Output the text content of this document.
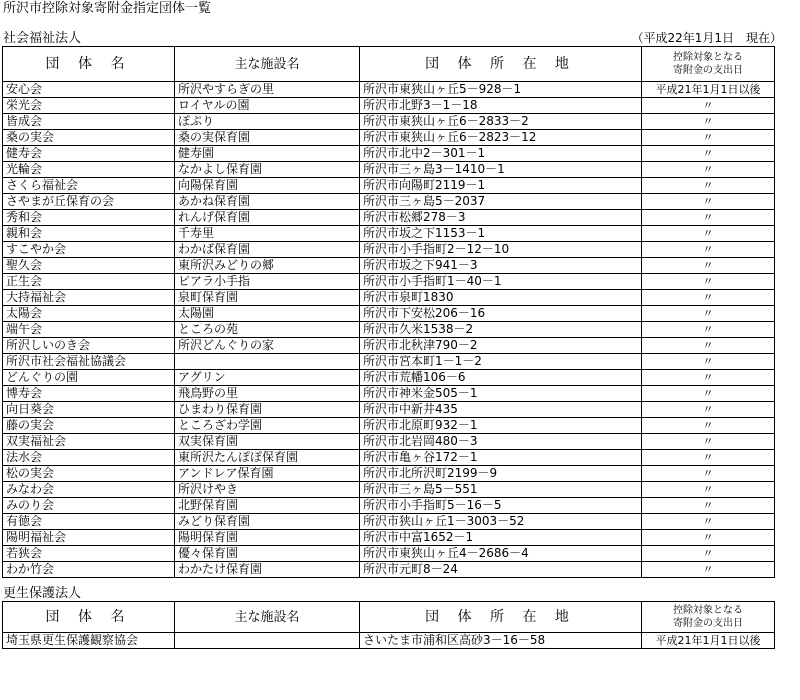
所沢市控除対象寄附金指定団体一覧
社会福祉法人	（平成22年1月1日　現在）
団 体 名	主な施設名	団 体 所 在 地	控除対象となる
寄附金の支出日
安心会	所沢やすらぎの里	所沢市東狭山ヶ丘5－928－1	平成21年1月1日以後
栄光会	ロイヤルの園	所沢市北野3－1－18	〃
皆成会	ぽぷり	所沢市東狭山ヶ丘6－2833－2	〃
桑の実会	桑の実保育園	所沢市東狭山ヶ丘6－2823－12	〃
健寿会	健寿園	所沢市北中2－301－1	〃
光輪会	なかよし保育園	所沢市三ヶ島3－1410－1	〃
さくら福祉会	向陽保育園	所沢市向陽町2119－1	〃
さやまが丘保育の会	あかね保育園	所沢市三ヶ島5－2037	〃
秀和会	れんげ保育園	所沢市松郷278－3	〃
親和会	千寿里	所沢市坂之下1153－1	〃
すこやか会	わかば保育園	所沢市小手指町2－12－10	〃
聖久会	東所沢みどりの郷	所沢市坂之下941－3	〃
正生会	ピアラ小手指	所沢市小手指町1－40－1	〃
大持福祉会	泉町保育園	所沢市泉町1830	〃
太陽会	太陽園	所沢市下安松206－16	〃
端午会	ところの苑	所沢市久米1538－2	〃
所沢しいのき会	所沢どんぐりの家	所沢市北秋津790－2	〃
所沢市社会福祉協議会		所沢市宮本町1－1－2	〃
どんぐりの園	アグリン	所沢市荒幡106－6	〃
博寿会	飛鳥野の里	所沢市神米金505－1	〃
向日葵会	ひまわり保育園	所沢市中新井435	〃
藤の実会	ところざわ学園	所沢市北原町932－1	〃
双実福祉会	双実保育園	所沢市北岩岡480－3	〃
法水会	東所沢たんぽぽ保育園	所沢市亀ヶ谷172－1	〃
松の実会	アンドレア保育園	所沢市北所沢町2199－9	〃
みなわ会	所沢けやき	所沢市三ヶ島5－551	〃
みのり会	北野保育園	所沢市小手指町5－16－5	〃
有徳会	みどり保育園	所沢市狭山ヶ丘1－3003－52	〃
陽明福祉会	陽明保育園	所沢市中富1652－1	〃
若狭会	優々保育園	所沢市東狭山ヶ丘4－2686－4	〃
わか竹会	わかたけ保育園	所沢市元町8－24	〃
更生保護法人
団 体 名	主な施設名	団 体 所 在 地	控除対象となる
寄附金の支出日
埼玉県更生保護観察協会		さいたま市浦和区高砂3－16－58	平成21年1月1日以後
